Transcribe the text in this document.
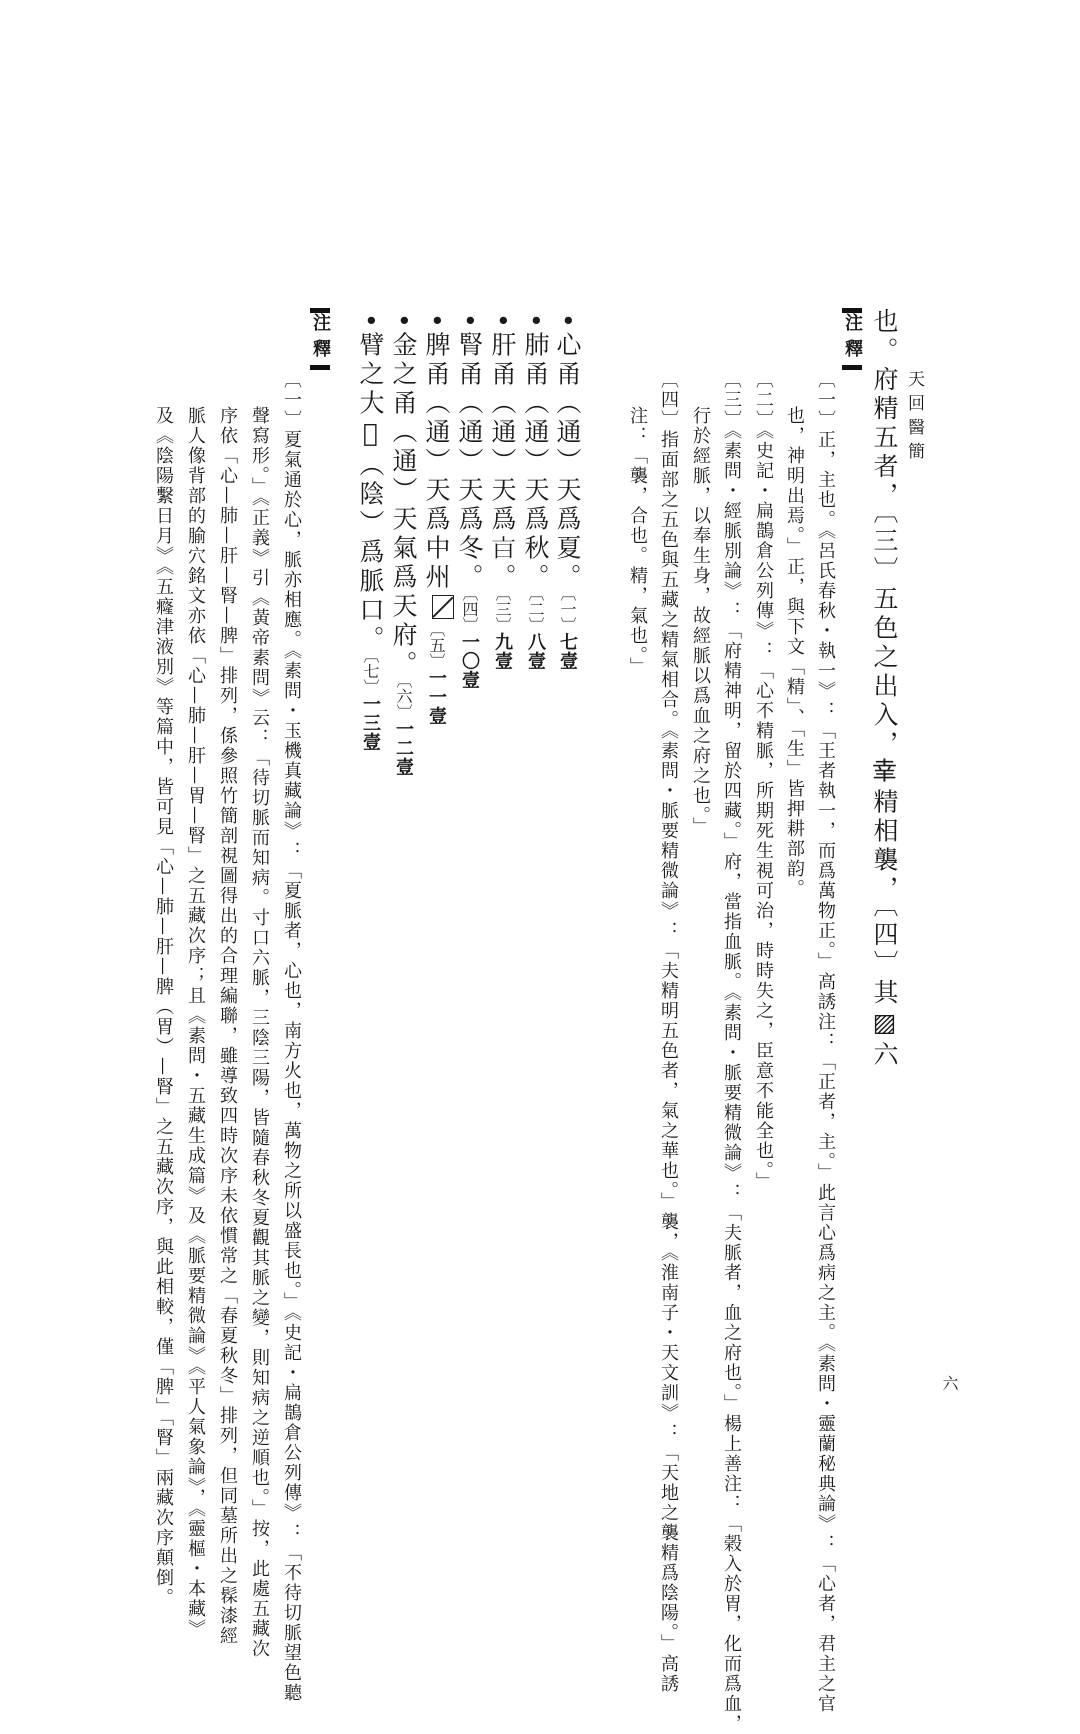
天回醫簡
六
也。府精五者，〔三〕五色之出入，𦍒精相襲，〔四〕其▨六
注釋
〔一〕正，主也。《呂氏春秋・執一》：「王者執一，而爲萬物正。」高誘注：「正者，主。」此言心爲病之主。《素問・靈蘭秘典論》：「心者，君主之官
也，神明出焉。」正，與下文「精」、「生」皆押耕部韵。
〔二〕《史記・扁鵲倉公列傳》：「心不精脈，所期死生視可治，時時失之，臣意不能全也。」
〔三〕《素問・經脈別論》：「府精神明，留於四藏。」府，當指血脈。《素問・脈要精微論》：「夫脈者，血之府也。」楊上善注：「榖入於胃，化而爲血，
行於經脈，以奉生身，故經脈以爲血之府之也。」
〔四〕指面部之五色與五藏之精氣相合。《素問・脈要精微論》：「夫精明五色者，氣之華也。」襲，《淮南子・天文訓》：「天地之襲精爲陰陽。」高誘
注：「襲，合也。精，氣也。」
•心甬（通）天爲夏。〔一〕七壹
•肺甬（通）天爲秋。〔二〕八壹
•肝甬（通）天爲𣅀。〔三〕九壹
•腎甬（通）天爲冬。〔四〕一〇壹
•脾甬（通）天爲中州〔五〕一一壹
•金之甬（通）天氣爲天府。〔六〕一二壹
•臂之大𠫤（陰）爲脈口。〔七〕一三壹
注釋
〔一〕夏氣通於心，脈亦相應。《素問・玉機真藏論》：「夏脈者，心也，南方火也，萬物之所以盛長也。」《史記・扁鵲倉公列傳》：「不待切脈望色聽
聲寫形。」《正義》引《黃帝素問》云：「待切脈而知病。寸口六脈，三陰三陽，皆隨春秋冬夏觀其脈之變，則知病之逆順也。」按，此處五藏次
序依「心—肺—肝—腎—脾」排列，係參照竹簡剖視圖得出的合理編聯，雖導致四時次序未依慣常之「春夏秋冬」排列，但同墓所出之髹漆經
脈人像背部的腧穴銘文亦依「心—肺—肝—胃—腎」之五藏次序；且《素問・五藏生成篇》及《脈要精微論》《平人氣象論》，《靈樞・本藏》
及《陰陽繫日月》《五癃津液別》等篇中，皆可見「心—肺—肝—脾（胃）—腎」之五藏次序，與此相較，僅「脾」「腎」兩藏次序顛倒。
